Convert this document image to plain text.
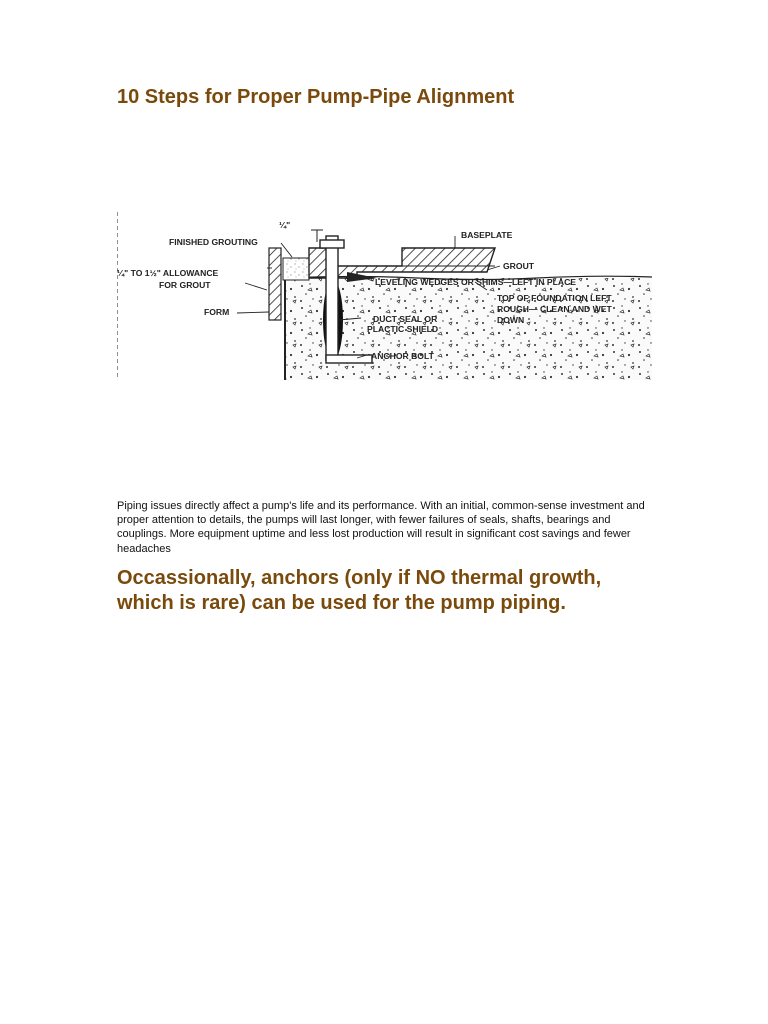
10 Steps for Proper Pump-Pipe Alignment
¼"
FINISHED GROUTING
¼" TO 1½" ALLOWANCE
FOR GROUT
FORM
BASEPLATE
GROUT
LEVELING WEDGES OR SHIMS—LEFT IN PLACE
TOP OF FOUNDATION LEFT
ROUGH— CLEAN AND WET
DOWN
DUCT SEAL OR
PLACTIC SHIELD
ANCHOR BOLT

Piping issues directly affect a pump's life and its performance. With an initial, common-sense investment and proper attention to details, the pumps will last longer, with fewer failures of seals, shafts, bearings and couplings. More equipment uptime and less lost production will result in significant cost savings and fewer headaches

Occassionally, anchors (only if NO thermal growth, which is rare) can be used for the pump piping.
